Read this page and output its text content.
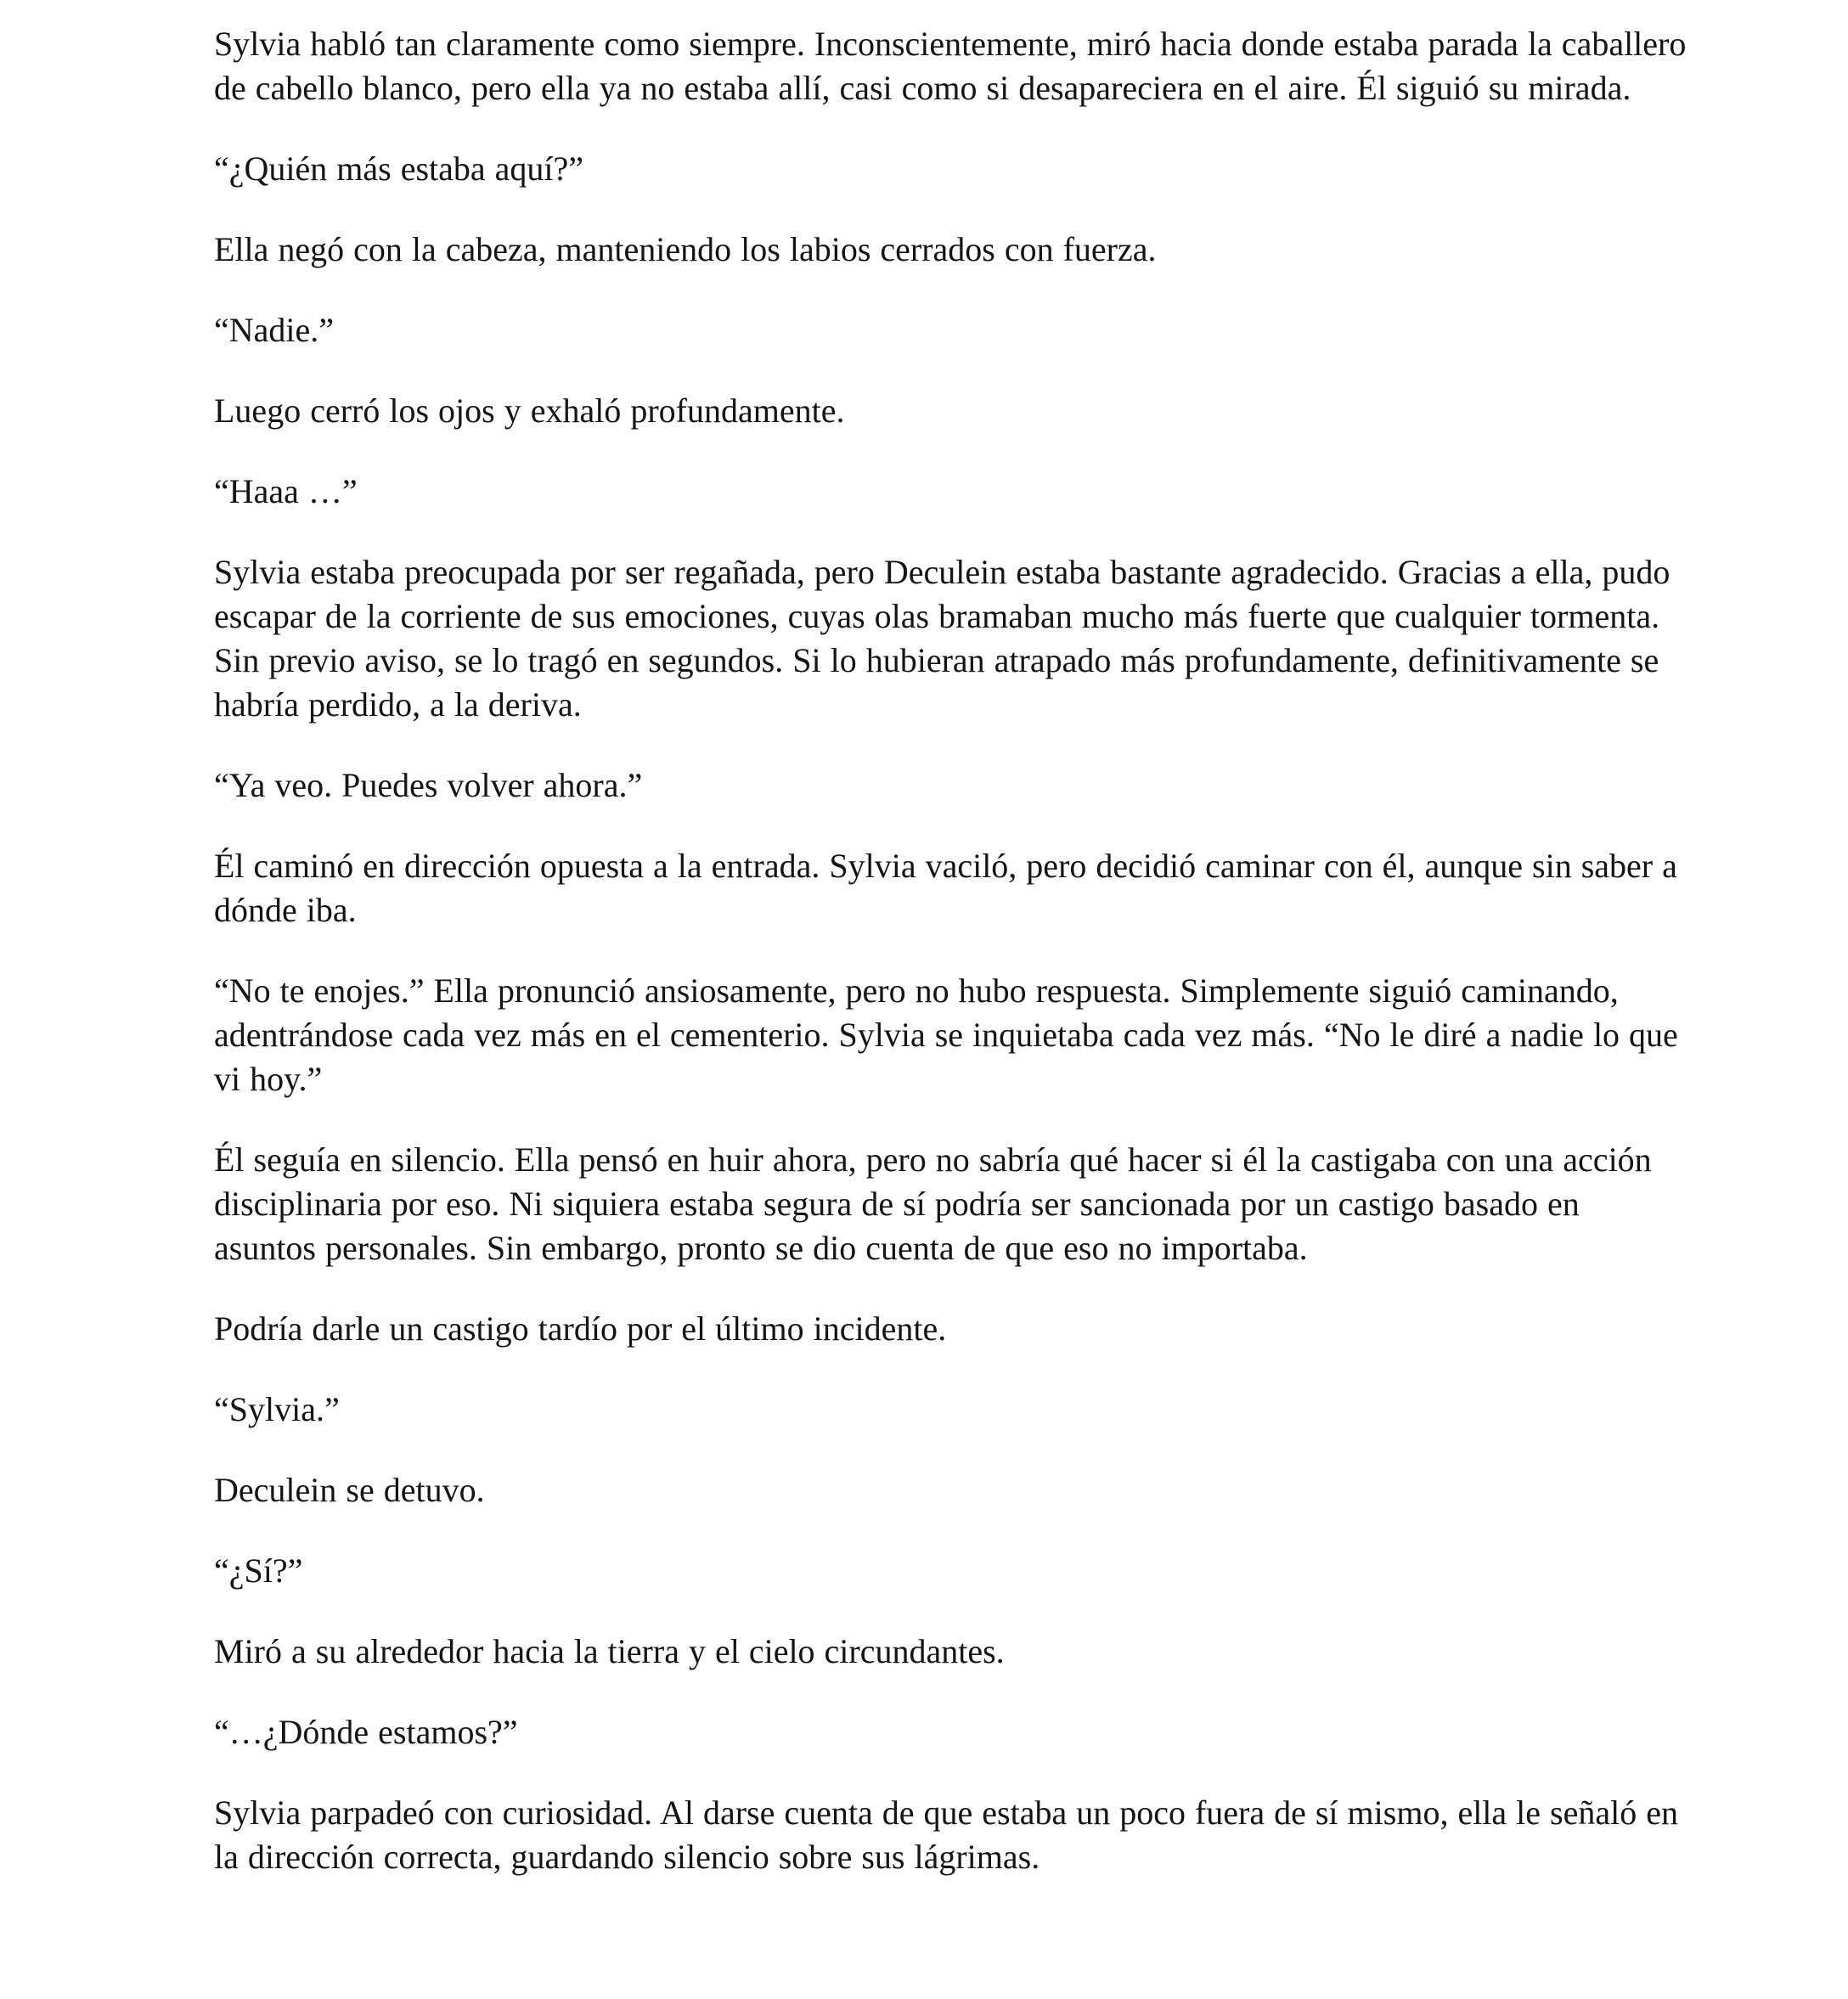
Sylvia habló tan claramente como siempre. Inconscientemente, miró hacia donde estaba parada la caballero de cabello blanco, pero ella ya no estaba allí, casi como si desapareciera en el aire. Él siguió su mirada.

“¿Quién más estaba aquí?”

Ella negó con la cabeza, manteniendo los labios cerrados con fuerza.

“Nadie.”

Luego cerró los ojos y exhaló profundamente.

“Haaa …”

Sylvia estaba preocupada por ser regañada, pero Deculein estaba bastante agradecido. Gracias a ella, pudo escapar de la corriente de sus emociones, cuyas olas bramaban mucho más fuerte que cualquier tormenta. Sin previo aviso, se lo tragó en segundos. Si lo hubieran atrapado más profundamente, definitivamente se habría perdido, a la deriva.

“Ya veo. Puedes volver ahora.”

Él caminó en dirección opuesta a la entrada. Sylvia vaciló, pero decidió caminar con él, aunque sin saber a dónde iba.

“No te enojes.” Ella pronunció ansiosamente, pero no hubo respuesta. Simplemente siguió caminando, adentrándose cada vez más en el cementerio. Sylvia se inquietaba cada vez más. “No le diré a nadie lo que vi hoy.”

Él seguía en silencio. Ella pensó en huir ahora, pero no sabría qué hacer si él la castigaba con una acción disciplinaria por eso. Ni siquiera estaba segura de sí podría ser sancionada por un castigo basado en asuntos personales. Sin embargo, pronto se dio cuenta de que eso no importaba.

Podría darle un castigo tardío por el último incidente.

“Sylvia.”

Deculein se detuvo.

“¿Sí?”

Miró a su alrededor hacia la tierra y el cielo circundantes.

“…¿Dónde estamos?”

Sylvia parpadeó con curiosidad. Al darse cuenta de que estaba un poco fuera de sí mismo, ella le señaló en la dirección correcta, guardando silencio sobre sus lágrimas.
